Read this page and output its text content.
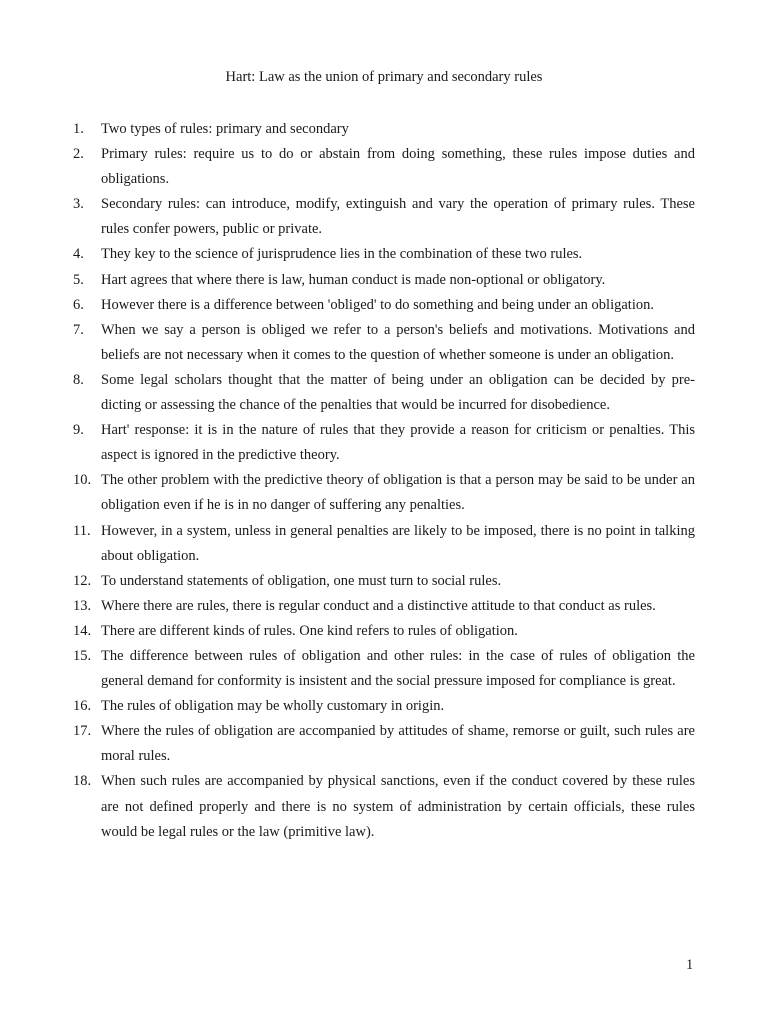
Hart: Law as the union of primary and secondary rules
1. Two types of rules: primary and secondary
2. Primary rules: require us to do or abstain from doing something, these rules impose duties and obligations.
3. Secondary rules: can introduce, modify, extinguish and vary the operation of primary rules. These rules confer powers, public or private.
4. They key to the science of jurisprudence lies in the combination of these two rules.
5. Hart agrees that where there is law, human conduct is made non-optional or obligatory.
6. However there is a difference between 'obliged' to do something and being under an obligation.
7. When we say a person is obliged we refer to a person's beliefs and motivations. Motivations and beliefs are not necessary when it comes to the question of whether someone is under an obligation.
8. Some legal scholars thought that the matter of being under an obligation can be decided by pre-dicting or assessing the chance of the penalties that would be incurred for disobedience.
9. Hart' response: it is in the nature of rules that they provide a reason for criticism or penalties. This aspect is ignored in the predictive theory.
10. The other problem with the predictive theory of obligation is that a person may be said to be under an obligation even if he is in no danger of suffering any penalties.
11. However, in a system, unless in general penalties are likely to be imposed, there is no point in talking about obligation.
12. To understand statements of obligation, one must turn to social rules.
13. Where there are rules, there is regular conduct and a distinctive attitude to that conduct as rules.
14. There are different kinds of rules. One kind refers to rules of obligation.
15. The difference between rules of obligation and other rules: in the case of rules of obligation the general demand for conformity is insistent and the social pressure imposed for compliance is great.
16. The rules of obligation may be wholly customary in origin.
17. Where the rules of obligation are accompanied by attitudes of shame, remorse or guilt, such rules are moral rules.
18. When such rules are accompanied by physical sanctions, even if the conduct covered by these rules are not defined properly and there is no system of administration by certain officials, these rules would be legal rules or the law (primitive law).
1
